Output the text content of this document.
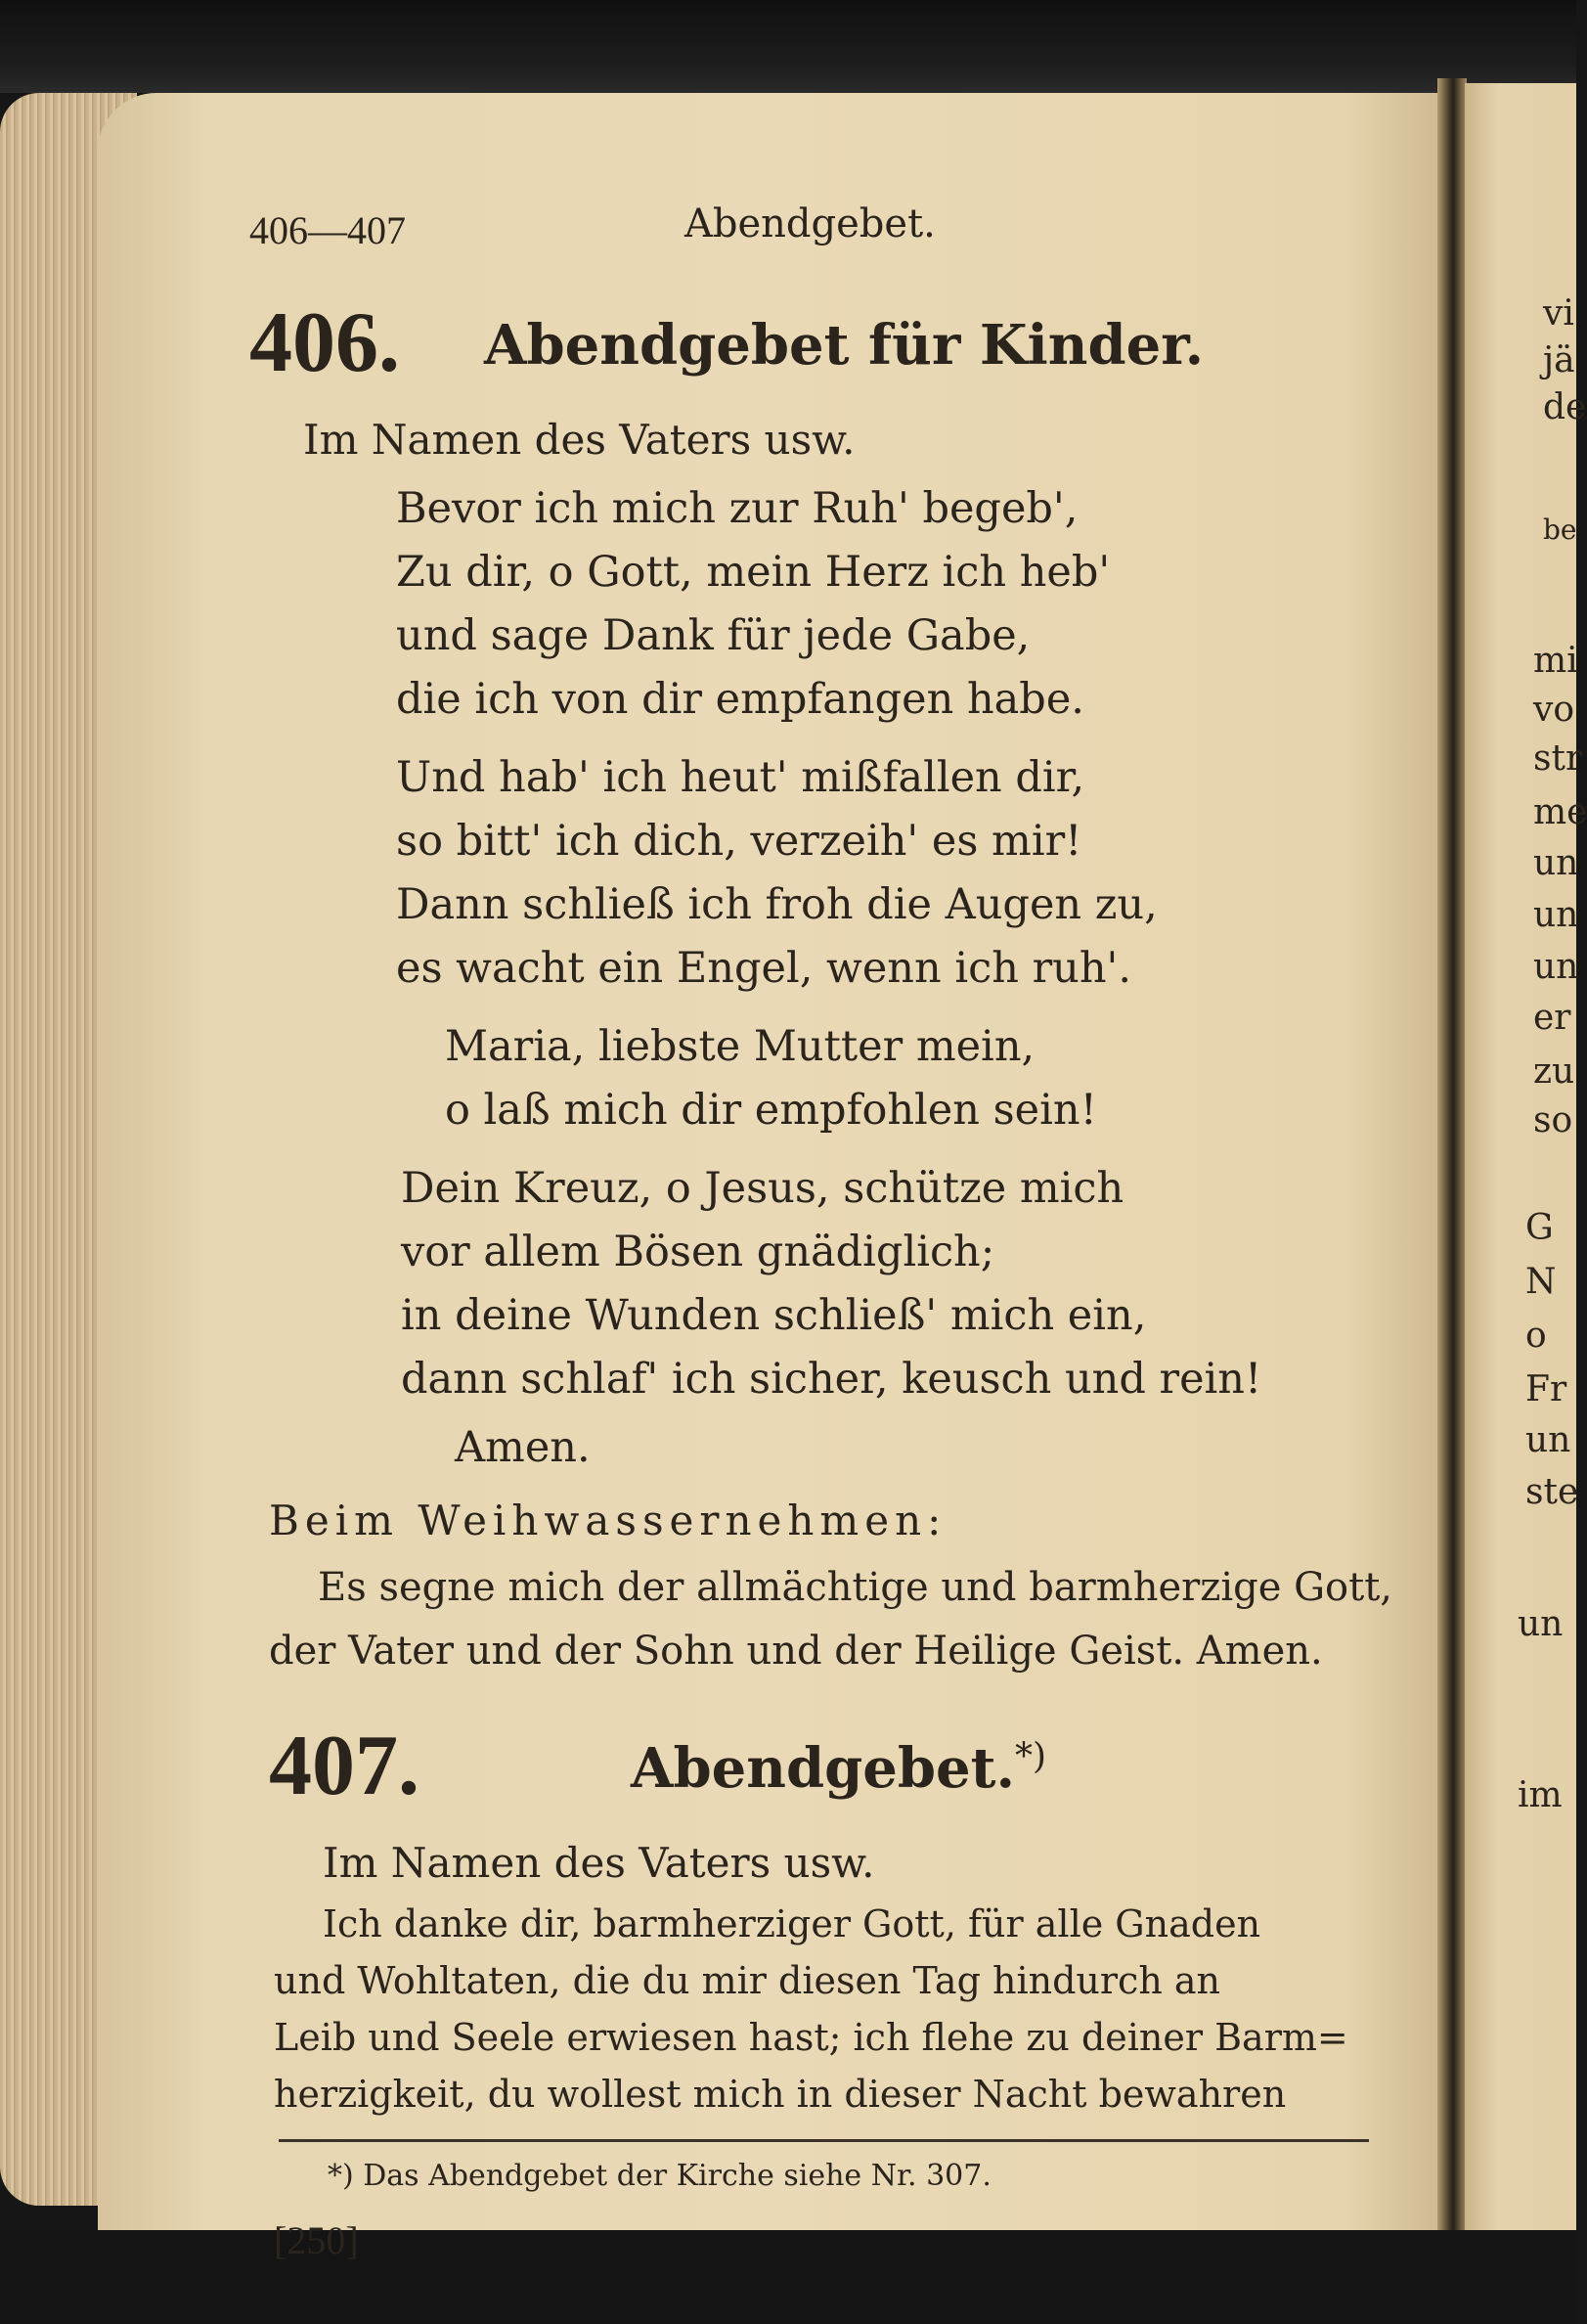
406—407	Abendgebet.
406. Abendgebet für Kinder.
Im Namen des Vaters usw.
Bevor ich mich zur Ruh' begeb',
Zu dir, o Gott, mein Herz ich heb'
und sage Dank für jede Gabe,
die ich von dir empfangen habe.
Und hab' ich heut' mißfallen dir,
so bitt' ich dich, verzeih' es mir!
Dann schließ ich froh die Augen zu,
es wacht ein Engel, wenn ich ruh'.
Maria, liebste Mutter mein,
o laß mich dir empfohlen sein!
Dein Kreuz, o Jesus, schütze mich
vor allem Bösen gnädiglich;
in deine Wunden schließ' mich ein,
dann schlaf' ich sicher, keusch und rein!
Amen.
Beim Weihwassernehmen:
Es segne mich der allmächtige und barmherzige Gott,
der Vater und der Sohn und der Heilige Geist. Amen.
407.	Abendgebet.*)
Im Namen des Vaters usw.
*) Das Abendgebet der Kirche siehe Nr. 307.
[250]
vi
jä
de
be
mi
vo
str
me
un
un
un
er
zu
so
G
N
o
Fr
un
ste
un
im
Ich danke dir, barmherziger Gott, für alle Gnaden
und Wohltaten, die du mir diesen Tag hindurch an
Leib und Seele erwiesen hast; ich flehe zu deiner Barm=
herzigkeit, du wollest mich in dieser Nacht bewahren
